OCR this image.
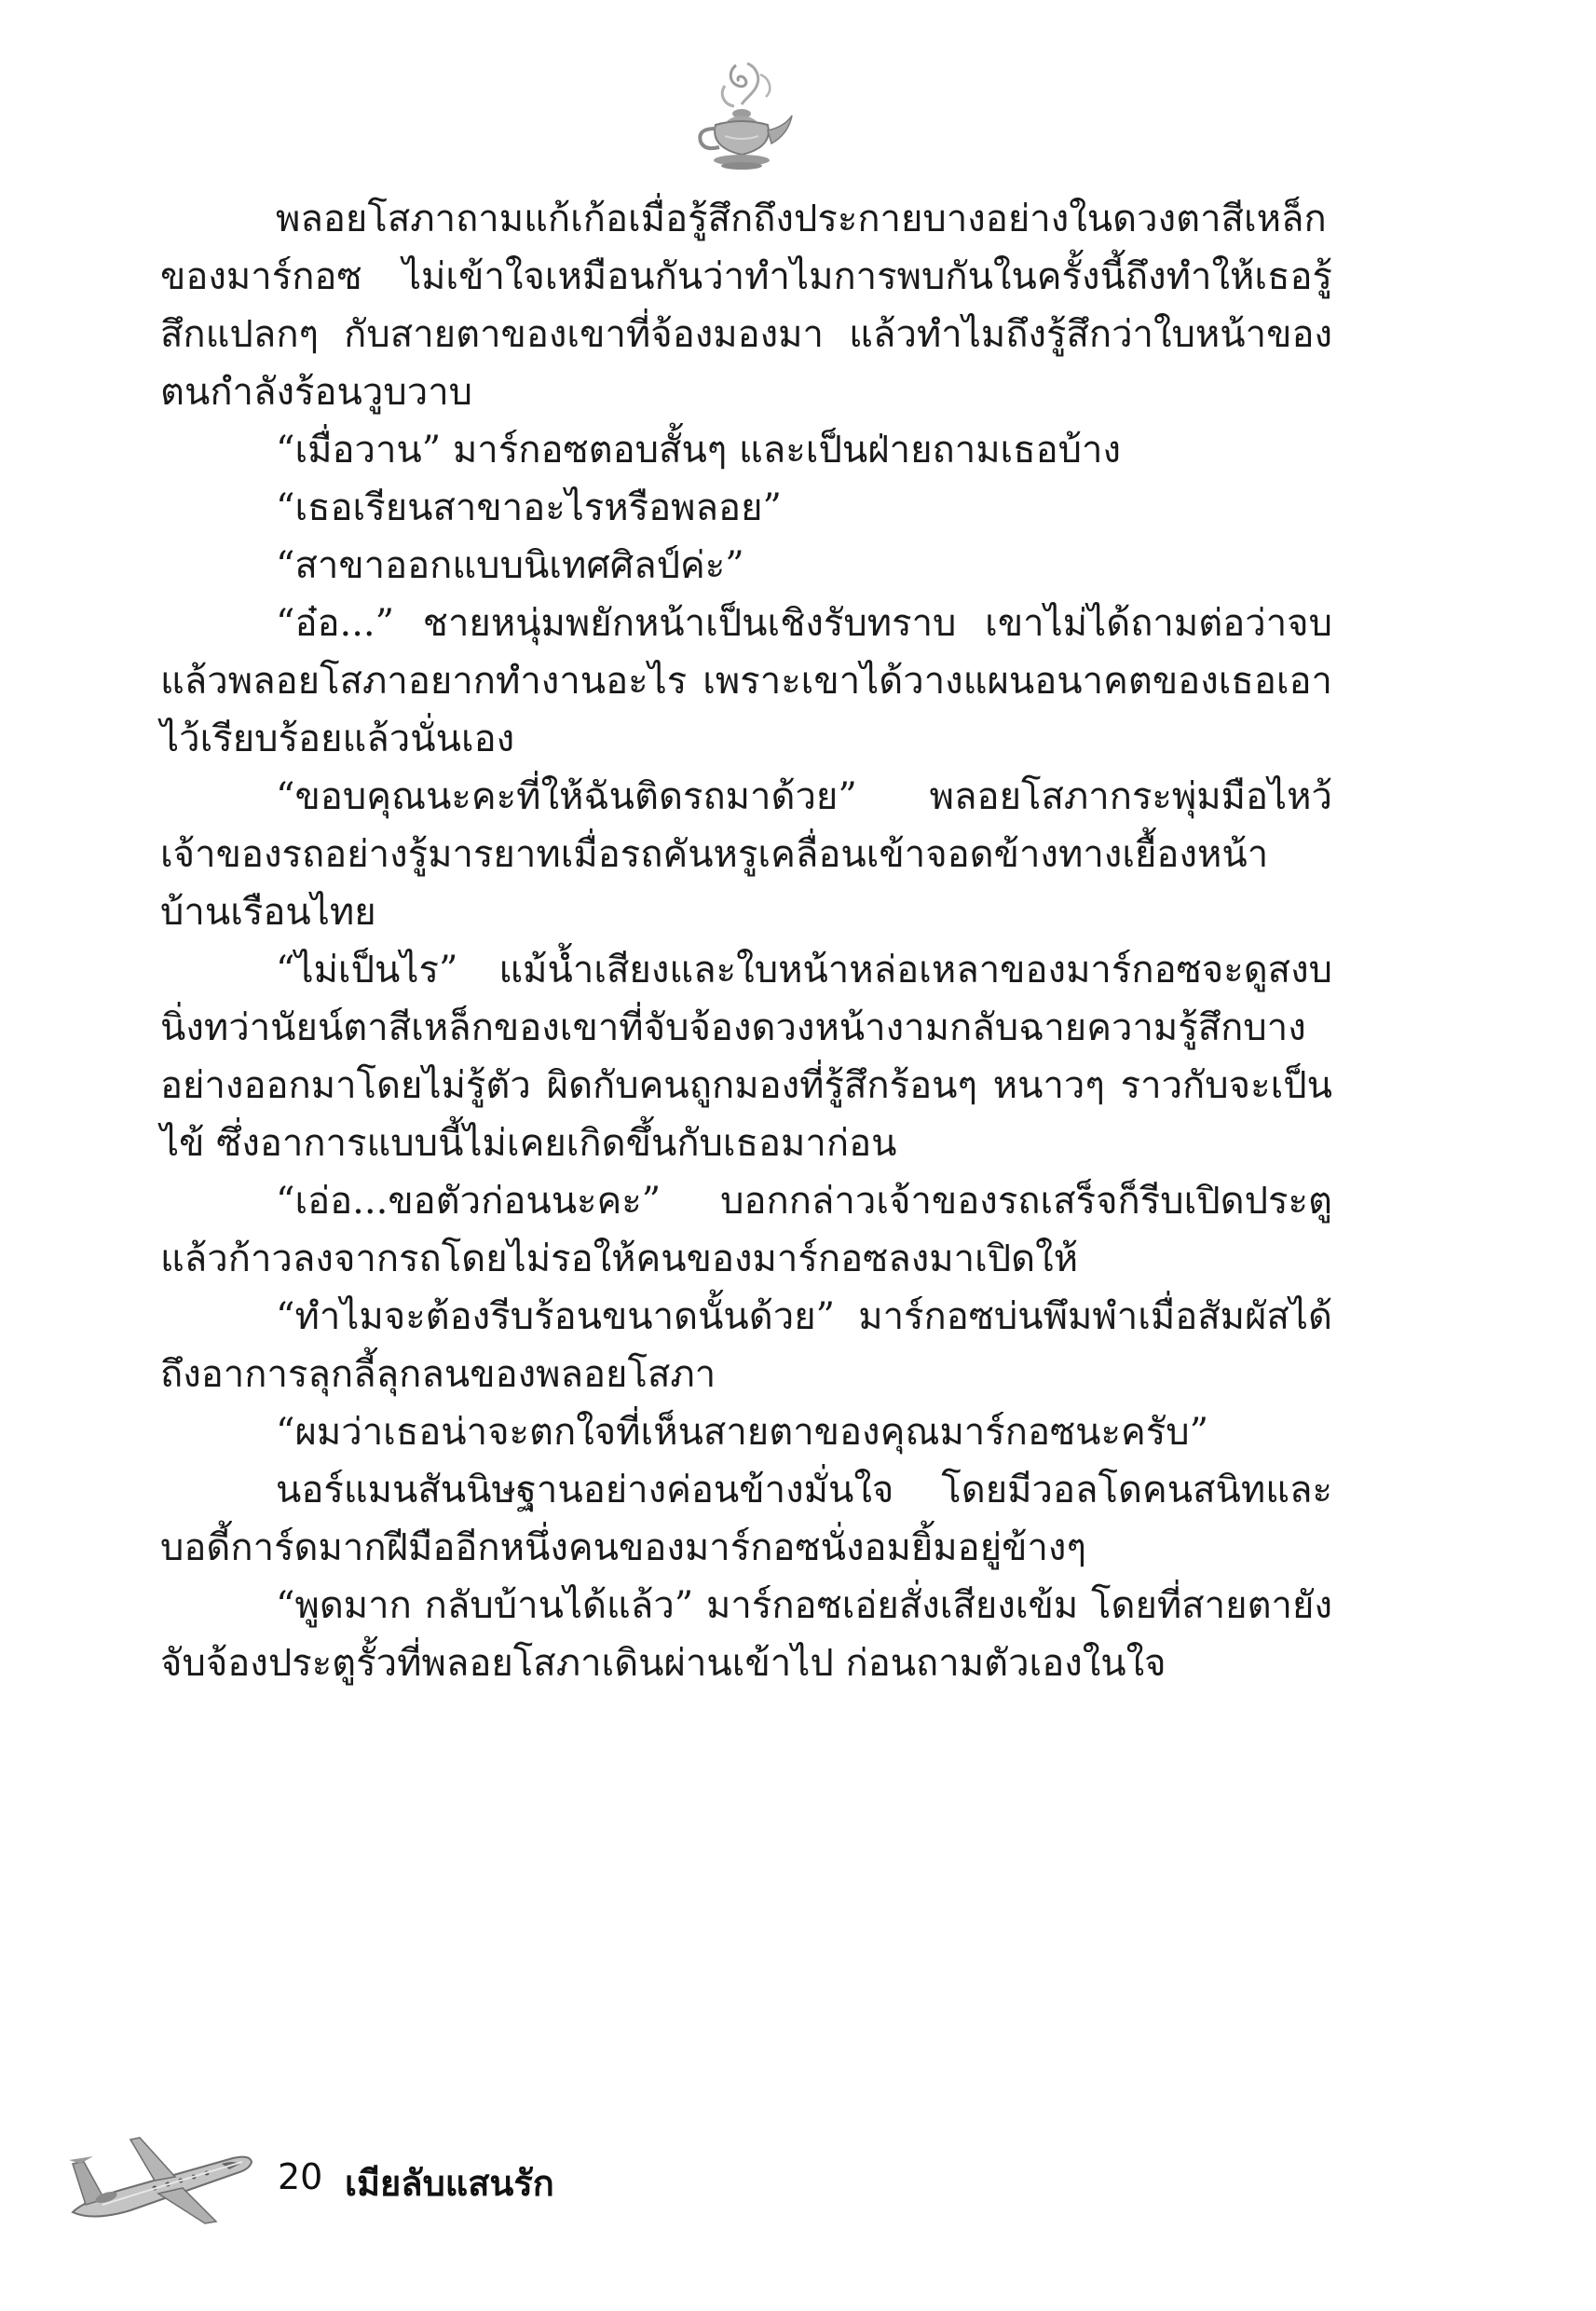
พลอยโสภาถามแก้เก้อเมื่อรู้สึกถึงประกายบางอย่างในดวงตาสีเหล็กของมาร์กอซ ไม่เข้าใจเหมือนกันว่าทำไมการพบกันในครั้งนี้ถึงทำให้เธอรู้สึกแปลกๆ กับสายตาของเขาที่จ้องมองมา แล้วทำไมถึงรู้สึกว่าใบหน้าของตนกำลังร้อนวูบวาบ

“เมื่อวาน” มาร์กอซตอบสั้นๆ และเป็นฝ่ายถามเธอบ้าง

“เธอเรียนสาขาอะไรหรือพลอย”

“สาขาออกแบบนิเทศศิลป์ค่ะ”

“อ๋อ...” ชายหนุ่มพยักหน้าเป็นเชิงรับทราบ เขาไม่ได้ถามต่อว่าจบแล้วพลอยโสภาอยากทำงานอะไร เพราะเขาได้วางแผนอนาคตของเธอเอาไว้เรียบร้อยแล้วนั่นเอง

“ขอบคุณนะคะที่ให้ฉันติดรถมาด้วย” พลอยโสภากระพุ่มมือไหว้เจ้าของรถอย่างรู้มารยาทเมื่อรถคันหรูเคลื่อนเข้าจอดข้างทางเยื้องหน้าบ้านเรือนไทย

“ไม่เป็นไร” แม้น้ำเสียงและใบหน้าหล่อเหลาของมาร์กอซจะดูสงบนิ่งทว่านัยน์ตาสีเหล็กของเขาที่จับจ้องดวงหน้างามกลับฉายความรู้สึกบางอย่างออกมาโดยไม่รู้ตัว ผิดกับคนถูกมองที่รู้สึกร้อนๆ หนาวๆ ราวกับจะเป็นไข้ ซึ่งอาการแบบนี้ไม่เคยเกิดขึ้นกับเธอมาก่อน

“เอ่อ...ขอตัวก่อนนะคะ” บอกกล่าวเจ้าของรถเสร็จก็รีบเปิดประตูแล้วก้าวลงจากรถโดยไม่รอให้คนของมาร์กอซลงมาเปิดให้

“ทำไมจะต้องรีบร้อนขนาดนั้นด้วย” มาร์กอซบ่นพึมพำเมื่อสัมผัสได้ถึงอาการลุกลี้ลุกลนของพลอยโสภา

“ผมว่าเธอน่าจะตกใจที่เห็นสายตาของคุณมาร์กอซนะครับ”

นอร์แมนสันนิษฐานอย่างค่อนข้างมั่นใจ โดยมีวอลโดคนสนิทและบอดี้การ์ดมากฝีมืออีกหนึ่งคนของมาร์กอซนั่งอมยิ้มอยู่ข้างๆ

“พูดมาก กลับบ้านได้แล้ว” มาร์กอซเอ่ยสั่งเสียงเข้ม โดยที่สายตายังจับจ้องประตูรั้วที่พลอยโสภาเดินผ่านเข้าไป ก่อนถามตัวเองในใจ

20 เมียลับแสนรัก
